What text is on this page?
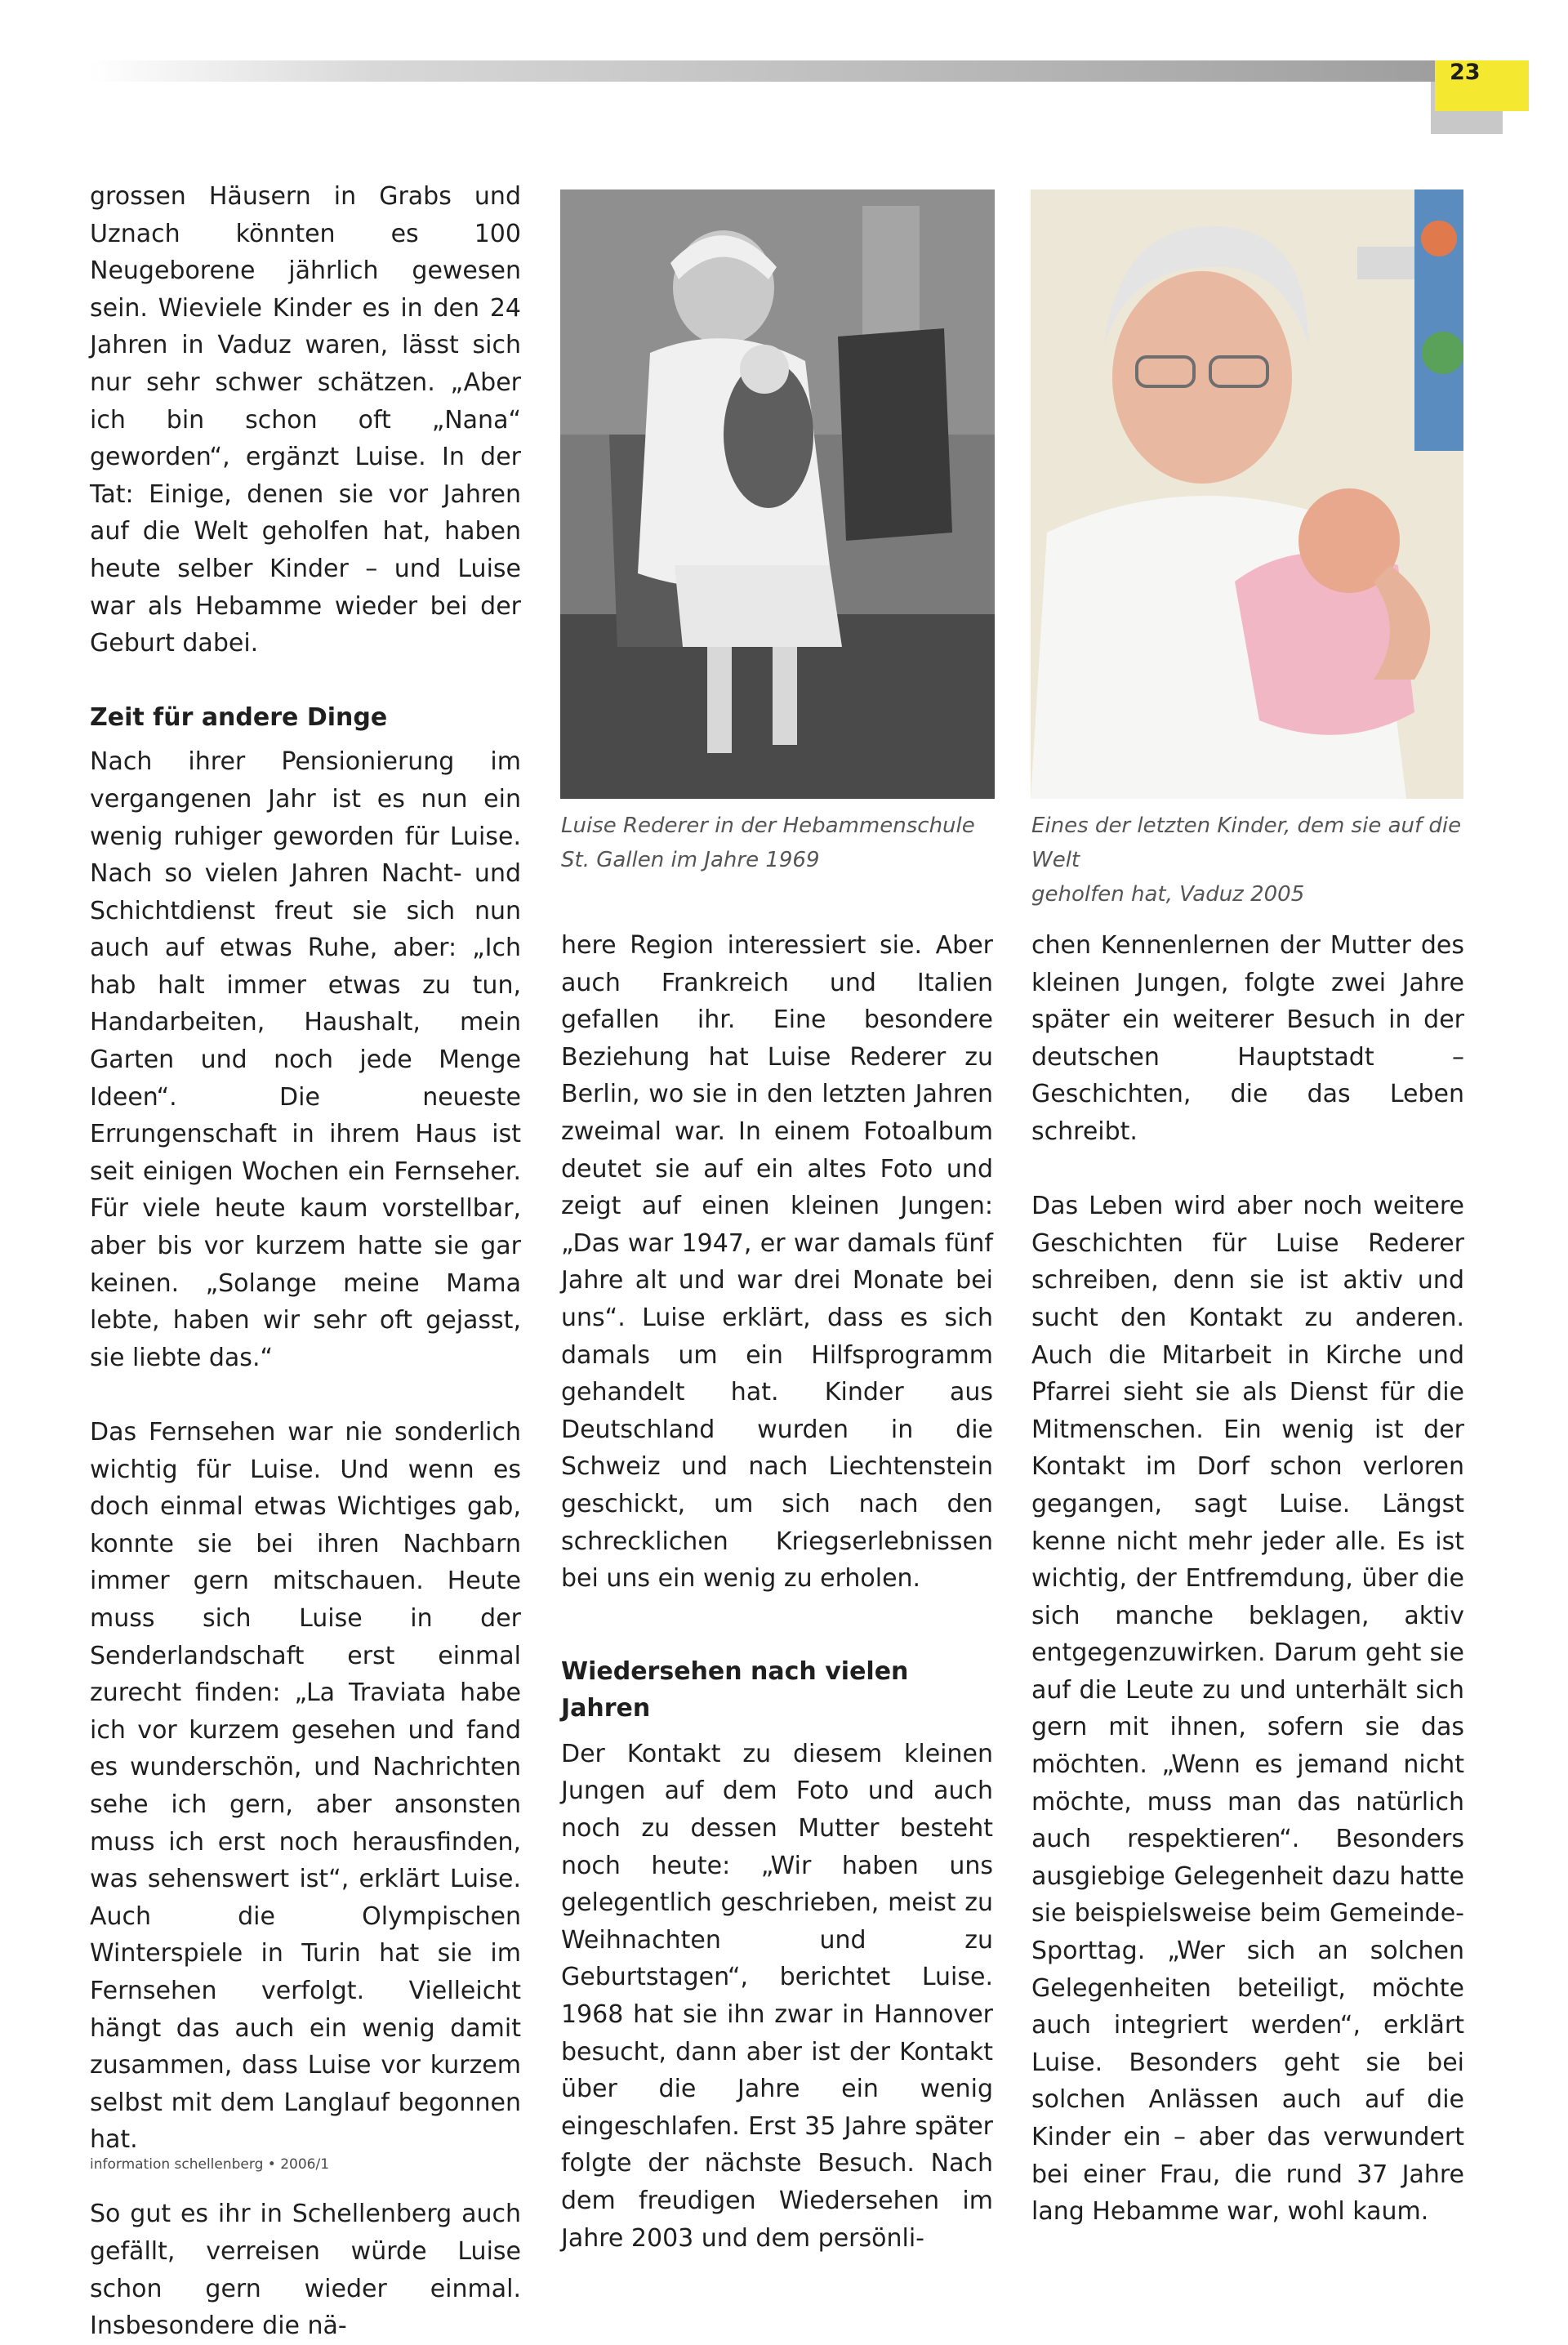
23

grossen Häusern in Grabs und Uznach könnten es 100 Neugeborene jährlich gewesen sein. Wieviele Kinder es in den 24 Jahren in Vaduz waren, lässt sich nur sehr schwer schätzen. „Aber ich bin schon oft „Nana“ geworden“, ergänzt Luise. In der Tat: Einige, denen sie vor Jahren auf die Welt geholfen hat, haben heute selber Kinder – und Luise war als Hebamme wieder bei der Geburt dabei.

Zeit für andere Dinge

Nach ihrer Pensionierung im vergangenen Jahr ist es nun ein wenig ruhiger geworden für Luise. Nach so vielen Jahren Nacht- und Schichtdienst freut sie sich nun auch auf etwas Ruhe, aber: „Ich hab halt immer etwas zu tun, Handarbeiten, Haushalt, mein Garten und noch jede Menge Ideen“. Die neueste Errungenschaft in ihrem Haus ist seit einigen Wochen ein Fernseher. Für viele heute kaum vorstellbar, aber bis vor kurzem hatte sie gar keinen. „Solange meine Mama lebte, haben wir sehr oft gejasst, sie liebte das.“

Das Fernsehen war nie sonderlich wichtig für Luise. Und wenn es doch einmal etwas Wichtiges gab, konnte sie bei ihren Nachbarn immer gern mitschauen. Heute muss sich Luise in der Senderlandschaft erst einmal zurecht finden: „La Traviata habe ich vor kurzem gesehen und fand es wunderschön, und Nachrichten sehe ich gern, aber ansonsten muss ich erst noch herausfinden, was sehenswert ist“, erklärt Luise. Auch die Olympischen Winterspiele in Turin hat sie im Fernsehen verfolgt. Vielleicht hängt das auch ein wenig damit zusammen, dass Luise vor kurzem selbst mit dem Langlauf begonnen hat.

So gut es ihr in Schellenberg auch gefällt, verreisen würde Luise schon gern wieder einmal. Insbesondere die nä-

Luise Rederer in der Hebammenschule
St. Gallen im Jahre 1969
Eines der letzten Kinder, dem sie auf die Welt
geholfen hat, Vaduz 2005

here Region interessiert sie. Aber auch Frankreich und Italien gefallen ihr. Eine besondere Beziehung hat Luise Rederer zu Berlin, wo sie in den letzten Jahren zweimal war. In einem Fotoalbum deutet sie auf ein altes Foto und zeigt auf einen kleinen Jungen: „Das war 1947, er war damals fünf Jahre alt und war drei Monate bei uns“. Luise erklärt, dass es sich damals um ein Hilfsprogramm gehandelt hat. Kinder aus Deutschland wurden in die Schweiz und nach Liechtenstein geschickt, um sich nach den schrecklichen Kriegserlebnissen bei uns ein wenig zu erholen.

Wiedersehen nach vielen Jahren

Der Kontakt zu diesem kleinen Jungen auf dem Foto und auch noch zu dessen Mutter besteht noch heute: „Wir haben uns gelegentlich geschrieben, meist zu Weihnachten und zu Geburtstagen“, berichtet Luise. 1968 hat sie ihn zwar in Hannover besucht, dann aber ist der Kontakt über die Jahre ein wenig eingeschlafen. Erst 35 Jahre später folgte der nächste Besuch. Nach dem freudigen Wiedersehen im Jahre 2003 und dem persönli-

chen Kennenlernen der Mutter des kleinen Jungen, folgte zwei Jahre später ein weiterer Besuch in der deutschen Hauptstadt – Geschichten, die das Leben schreibt.

Das Leben wird aber noch weitere Geschichten für Luise Rederer schreiben, denn sie ist aktiv und sucht den Kontakt zu anderen. Auch die Mitarbeit in Kirche und Pfarrei sieht sie als Dienst für die Mitmenschen. Ein wenig ist der Kontakt im Dorf schon verloren gegangen, sagt Luise. Längst kenne nicht mehr jeder alle. Es ist wichtig, der Entfremdung, über die sich manche beklagen, aktiv entgegenzuwirken. Darum geht sie auf die Leute zu und unterhält sich gern mit ihnen, sofern sie das möchten. „Wenn es jemand nicht möchte, muss man das natürlich auch respektieren“. Besonders ausgiebige Gelegenheit dazu hatte sie beispielsweise beim Gemeinde-Sporttag. „Wer sich an solchen Gelegenheiten beteiligt, möchte auch integriert werden“, erklärt Luise. Besonders geht sie bei solchen Anlässen auch auf die Kinder ein – aber das verwundert bei einer Frau, die rund 37 Jahre lang Hebamme war, wohl kaum.

information schellenberg • 2006/1
